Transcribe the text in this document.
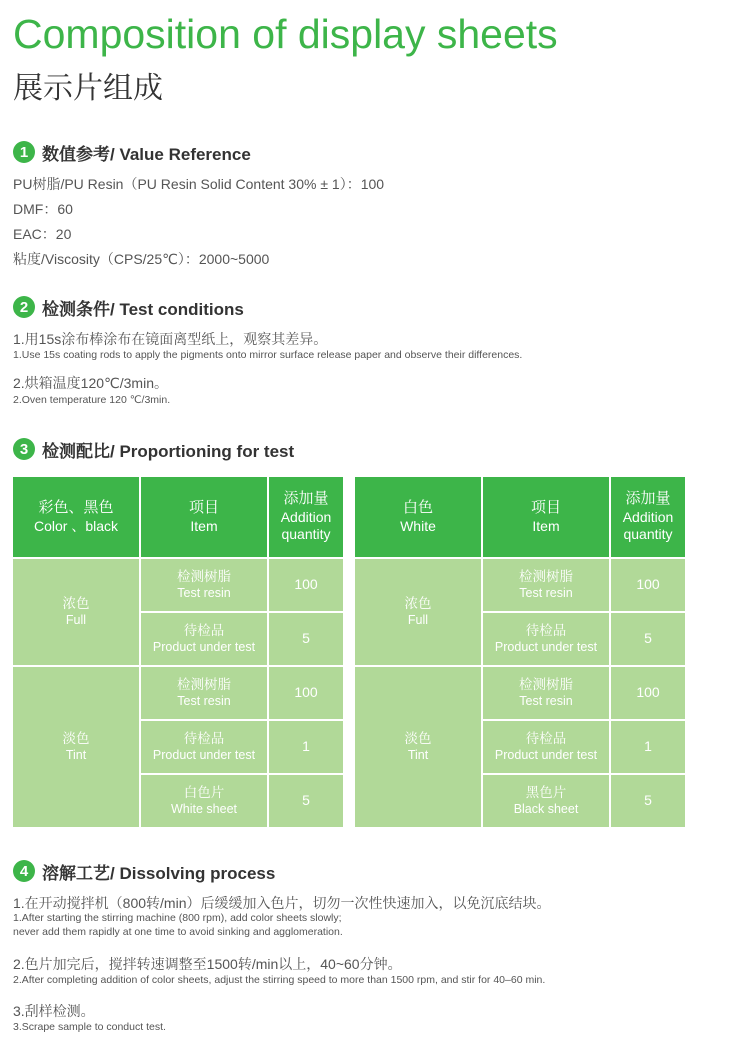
Composition of display sheets
展示片组成
1 数值参考/ Value Reference
PU树脂/PU Resin（PU Resin Solid Content 30% ± 1）：100
DMF：60
EAC：20
粘度/Viscosity（CPS/25℃）：2000~5000
2 检测条件/ Test conditions
1.用15s涂布棒涂布在镜面离型纸上，观察其差异。
1.Use 15s coating rods to apply the pigments onto mirror surface release paper and observe their differences.
2.烘箱温度120℃/3min。
2.Oven temperature 120 ℃/3min.
3 检测配比/ Proportioning for test
彩色、黑色
Color 、black
项目
Item
添加量
Addition
quantity
浓色
Full
淡色
Tint
检测树脂
Test resin
100
待检品
Product under test
5
检测树脂
Test resin
100
待检品
Product under test
1
白色片
White sheet
5
白色
White
项目
Item
添加量
Addition
quantity
浓色
Full
淡色
Tint
检测树脂
Test resin
100
待检品
Product under test
5
检测树脂
Test resin
100
待检品
Product under test
1
黑色片
Black sheet
5
4 溶解工艺/ Dissolving process
1.在开动搅拌机（800转/min）后缓缓加入色片，切勿一次性快速加入，以免沉底结块。
1.After starting the stirring machine (800 rpm), add color sheets slowly;
never add them rapidly at one time to avoid sinking and agglomeration.
2.色片加完后，搅拌转速调整至1500转/min以上，40~60分钟。
2.After completing addition of color sheets, adjust the stirring speed to more than 1500 rpm, and stir for 40–60 min.
3.刮样检测。
3.Scrape sample to conduct test.
